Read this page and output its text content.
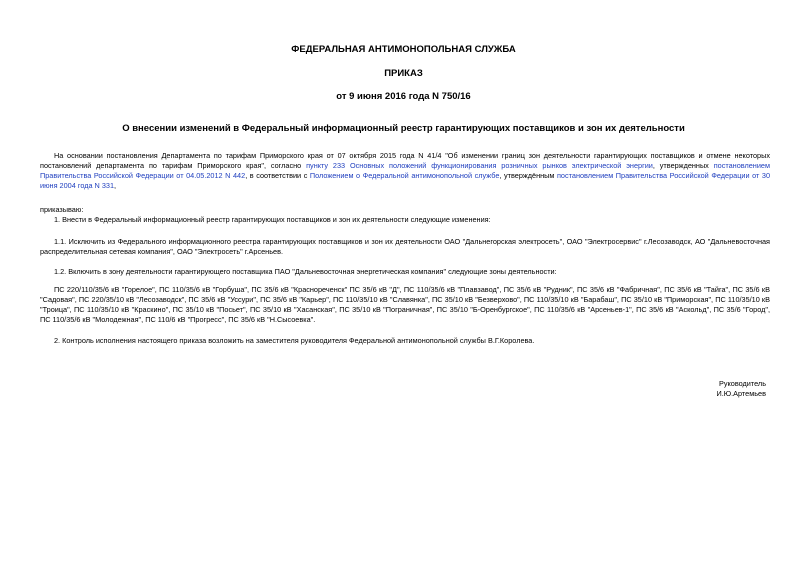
ФЕДЕРАЛЬНАЯ АНТИМОНОПОЛЬНАЯ СЛУЖБА
ПРИКАЗ
от 9 июня 2016 года N 750/16
О внесении изменений в Федеральный информационный реестр гарантирующих поставщиков и зон их деятельности
На основании постановления Департамента по тарифам Приморского края от 07 октября 2015 года N 41/4 "Об изменении границ зон деятельности гарантирующих поставщиков и отмене некоторых постановлений департамента по тарифам Приморского края", согласно пункту 233 Основных положений функционирования розничных рынков электрической энергии, утвержденных постановлением Правительства Российской Федерации от 04.05.2012 N 442, в соответствии с Положением о Федеральной антимонопольной службе, утверждённым постановлением Правительства Российской Федерации от 30 июня 2004 года N 331,
приказываю:
1. Внести в Федеральный информационный реестр гарантирующих поставщиков и зон их деятельности следующие изменения:
1.1. Исключить из Федерального информационного реестра гарантирующих поставщиков и зон их деятельности ОАО "Дальнегорская электросеть", ОАО "Электросервис" г.Лесозаводск, АО "Дальневосточная распределительная сетевая компания", ОАО "Электросеть" г.Арсеньев.
1.2. Включить в зону деятельности гарантирующего поставщика ПАО "Дальневосточная энергетическая компания" следующие зоны деятельности:
ПС 220/110/35/6 кВ "Горелое", ПС 110/35/6 кВ "Горбуша", ПС 35/6 кВ "Краснореченск" ПС 35/6 кВ "Д", ПС 110/35/6 кВ "Плавзавод", ПС 35/6 кВ "Рудник", ПС 35/6 кВ "Фабричная", ПС 35/6 кВ "Тайга", ПС 35/6 кВ "Садовая", ПС 220/35/10 кВ "Лесозаводск", ПС 35/6 кВ "Уссури", ПС 35/6 кВ "Карьер", ПС 110/35/10 кВ "Славянка", ПС 35/10 кВ "Безверхово", ПС 110/35/10 кВ "Барабаш", ПС 35/10 кВ "Приморская", ПС 110/35/10 кВ "Троица", ПС 110/35/10 кВ "Краскино", ПС 35/10 кВ "Посьет", ПС 35/10 кВ "Хасанская", ПС 35/10 кВ "Пограничная", ПС 35/10 "Б-Оренбургское", ПС 110/35/6 кВ "Арсеньев-1", ПС 35/6 кВ "Аскольд", ПС 35/6 "Город", ПС 110/35/6 кВ "Молодежная", ПС 110/6 кВ "Прогресс", ПС 35/6 кВ "Н.Сысоевка".
2. Контроль исполнения настоящего приказа возложить на заместителя руководителя Федеральной антимонопольной службы В.Г.Королева.
Руководитель
И.Ю.Артемьев
